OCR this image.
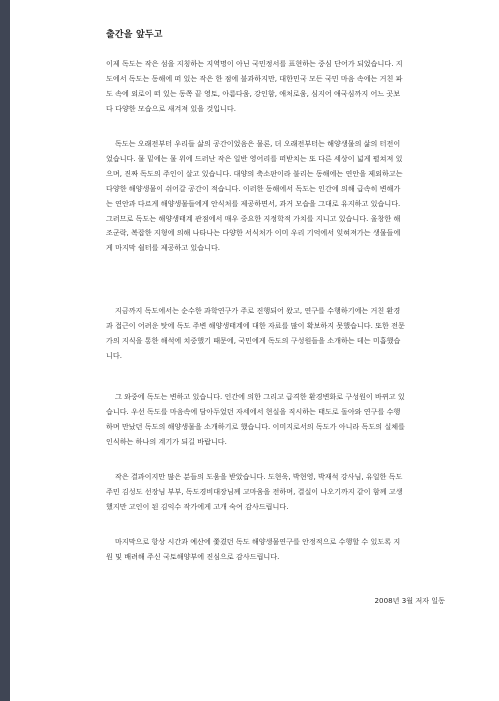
출간을 앞두고

이제 독도는 작은 섬을 지칭하는 지역명이 아닌 국민정서를 표현하는 중심 단어가 되었습니다. 지
도에서 독도는 동해에 떠 있는 작은 한 점에 불과하지만, 대한민국 모든 국민 마음 속에는 거친 파
도 속에 외로이 떠 있는 동쪽 끝 영토, 아름다움, 강인함, 애처로움, 심지어 애국심까지 어느 곳보
다 다양한 모습으로 새겨져 있을 것입니다.

독도는 오래전부터 우리들 삶의 공간이었음은 물론, 더 오래전부터는 해양생물의 삶의 터전이
었습니다. 물 밑에는 물 위에 드러난 작은 일반 영어리를 떠받치는 또 다른 세상이 넓게 펼쳐져 있
으며, 진짜 독도의 주인이 살고 있습니다. 대양의 축소판이라 불리는 동해에는 연안을 제외하고는
다양한 해양생물이 쉬어갈 공간이 적습니다. 이러한 동해에서 독도는 인간에 의해 급속히 변해가
는 연안과 다르게 해양생물들에게 안식처를 제공하면서, 과거 모습을 그대로 유지하고 있습니다.
그러므로 독도는 해양생태계 관점에서 매우 중요한 지정학적 가치를 지니고 있습니다. 울창한 해
조군락, 복잡한 지형에 의해 나타나는 다양한 서식처가 이미 우리 기억에서 잊혀져가는 생물들에
게 마지막 쉴터를 제공하고 있습니다.

지금까지 독도에서는 순수한 과학연구가 주로 진행되어 왔고, 연구를 수행하기에는 거친 환경
과 접근이 어려운 탓에 독도 주변 해양생태계에 대한 자료를 많이 확보하지 못했습니다. 또한 전문
가의 지식을 통한 해석에 치중했기 때문에, 국민에게 독도의 구성원들을 소개하는 데는 미흡했습
니다.

그 와중에 독도는 변하고 있습니다. 인간에 의한 그리고 급격한 환경변화로 구성원이 바뀌고 있
습니다. 우선 독도를 마음속에 담아두었던 자세에서 현실을 직시하는 태도로 돌아와 연구를 수행
하며 만났던 독도의 해양생물을 소개하기로 했습니다. 이미지로서의 독도가 아니라 독도의 실체를
인식하는 하나의 계기가 되길 바랍니다.

작은 결과이지만 많은 분들의 도움을 받았습니다. 도현욱, 박현영, 박재석 강사님, 유일한 독도
주민 김성도 선장님 부부, 독도경비대장님께 고마움을 전하며, 결실이 나오기까지 같이 함께 고생
했지만 고인이 된 김익수 작가에게 고개 숙여 감사드립니다.

마지막으로 항상 시간과 예산에 쫓겼던 독도 해양생물연구를 안정적으로 수행할 수 있도록 지
원 및 배려해 주신 국토해양부에 진심으로 감사드립니다.

2008년 3월 저자 일동
